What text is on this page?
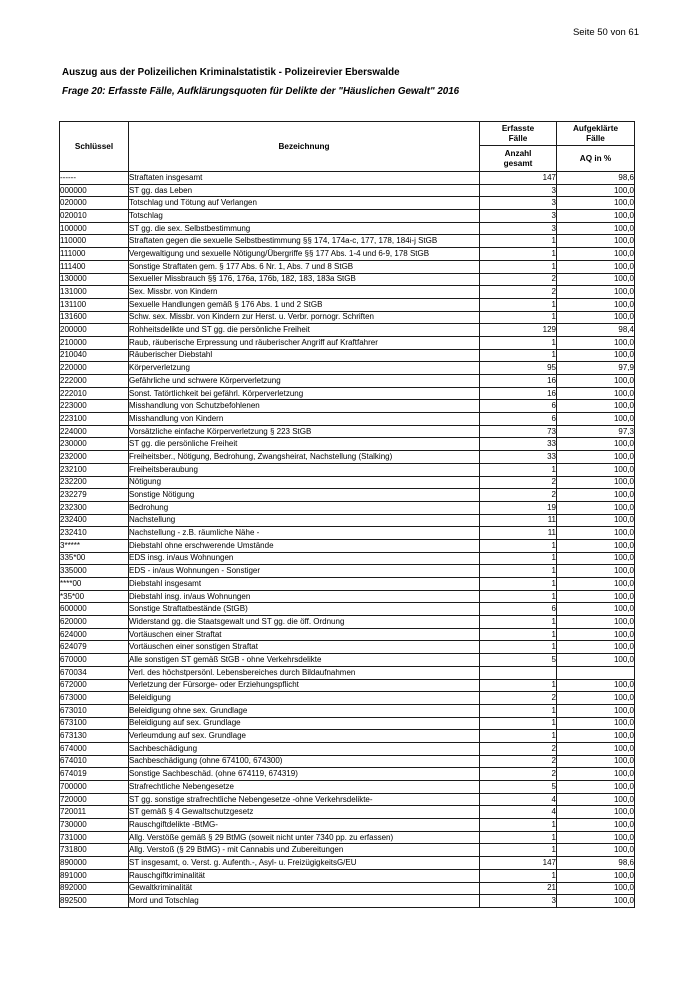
Seite 50 von 61
Auszug aus der Polizeilichen Kriminalstatistik - Polizeirevier Eberswalde
Frage 20: Erfasste Fälle, Aufklärungsquoten für Delikte der "Häuslichen Gewalt" 2016
Schlüssel	Bezeichnung	Erfasste Fälle	Aufgeklärte Fälle
		Anzahl gesamt	AQ in %
------	Straftaten insgesamt	147	98,6
000000	ST gg. das Leben	3	100,0
020000	Totschlag und Tötung auf Verlangen	3	100,0
020010	Totschlag	3	100,0
100000	ST gg. die sex. Selbstbestimmung	3	100,0
110000	Straftaten gegen die sexuelle Selbstbestimmung §§ 174, 174a-c, 177, 178, 184i-j StGB	1	100,0
111000	Vergewaltigung und sexuelle Nötigung/Übergriffe §§ 177 Abs. 1-4 und 6-9, 178 StGB	1	100,0
111400	Sonstige Straftaten gem. § 177 Abs. 6 Nr. 1, Abs. 7 und 8 StGB	1	100,0
130000	Sexueller Missbrauch §§ 176, 176a, 176b, 182, 183, 183a StGB	2	100,0
131000	Sex. Missbr. von Kindern	2	100,0
131100	Sexuelle Handlungen gemäß § 176 Abs. 1 und 2 StGB	1	100,0
131600	Schw. sex. Missbr. von Kindern zur Herst. u. Verbr. pornogr. Schriften	1	100,0
200000	Rohheitsdelikte und ST gg. die persönliche Freiheit	129	98,4
210000	Raub, räuberische Erpressung und räuberischer Angriff auf Kraftfahrer	1	100,0
210040	Räuberischer Diebstahl	1	100,0
220000	Körperverletzung	95	97,9
222000	Gefährliche und schwere Körperverletzung	16	100,0
222010	Sonst. Tatörtlichkeit bei gefährl. Körperverletzung	16	100,0
223000	Misshandlung von Schutzbefohlenen	6	100,0
223100	Misshandlung von Kindern	6	100,0
224000	Vorsätzliche einfache Körperverletzung § 223 StGB	73	97,3
230000	ST gg. die persönliche Freiheit	33	100,0
232000	Freiheitsber., Nötigung, Bedrohung, Zwangsheirat, Nachstellung (Stalking)	33	100,0
232100	Freiheitsberaubung	1	100,0
232200	Nötigung	2	100,0
232279	Sonstige Nötigung	2	100,0
232300	Bedrohung	19	100,0
232400	Nachstellung	11	100,0
232410	Nachstellung - z.B. räumliche Nähe -	11	100,0
3*****	Diebstahl ohne erschwerende Umstände	1	100,0
335*00	EDS insg. in/aus Wohnungen	1	100,0
335000	EDS - in/aus Wohnungen - Sonstiger	1	100,0
****00	Diebstahl insgesamt	1	100,0
*35*00	Diebstahl insg. in/aus Wohnungen	1	100,0
600000	Sonstige Straftatbestände (StGB)	6	100,0
620000	Widerstand gg. die Staatsgewalt und ST gg. die öff. Ordnung	1	100,0
624000	Vortäuschen einer Straftat	1	100,0
624079	Vortäuschen einer sonstigen Straftat	1	100,0
670000	Alle sonstigen ST gemäß StGB - ohne Verkehrsdelikte	5	100,0
670034	Verl. des höchstpersönl. Lebensbereiches durch Bildaufnahmen		
672000	Verletzung der Fürsorge- oder Erziehungspflicht	1	100,0
673000	Beleidigung	2	100,0
673010	Beleidigung ohne sex. Grundlage	1	100,0
673100	Beleidigung auf sex. Grundlage	1	100,0
673130	Verleumdung auf sex. Grundlage	1	100,0
674000	Sachbeschädigung	2	100,0
674010	Sachbeschädigung (ohne 674100, 674300)	2	100,0
674019	Sonstige Sachbeschäd. (ohne 674119, 674319)	2	100,0
700000	Strafrechtliche Nebengesetze	5	100,0
720000	ST gg. sonstige strafrechtliche Nebengesetze -ohne Verkehrsdelikte-	4	100,0
720011	ST gemäß § 4 Gewaltschutzgesetz	4	100,0
730000	Rauschgiftdelikte -BtMG-	1	100,0
731000	Allg. Verstöße gemäß § 29 BtMG (soweit nicht unter 7340 pp. zu erfassen)	1	100,0
731800	Allg. Verstoß (§ 29 BtMG) - mit Cannabis und Zubereitungen	1	100,0
890000	ST insgesamt, o. Verst. g. Aufenth.-, Asyl- u. FreizügigkeitsG/EU	147	98,6
891000	Rauschgiftkriminalität	1	100,0
892000	Gewaltkriminalität	21	100,0
892500	Mord und Totschlag	3	100,0
